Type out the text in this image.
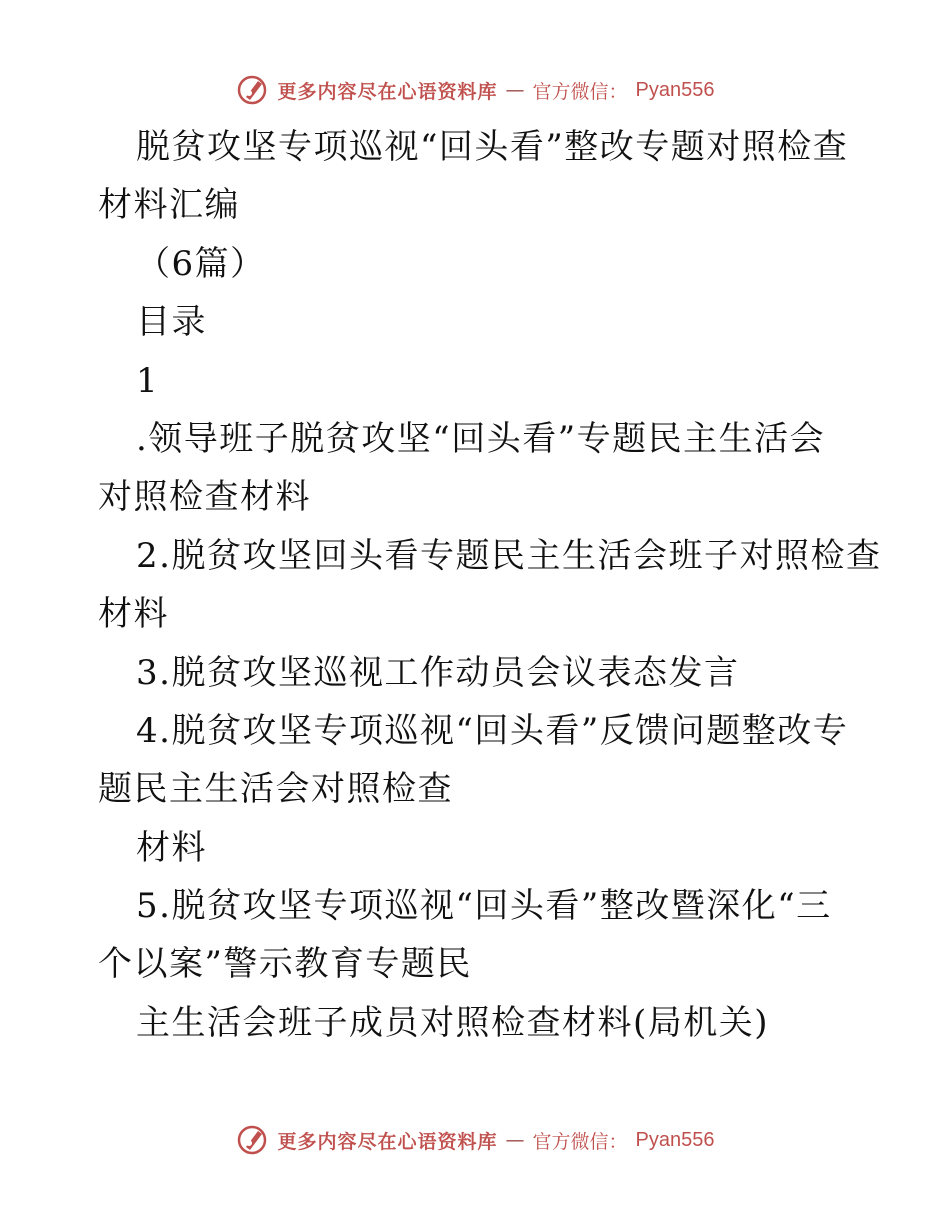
更多内容尽在心语资料库 — 官方微信： Pyan556
脱贫攻坚专项巡视“回头看”整改专题对照检查
材料汇编
（6篇）
目录
1
.领导班子脱贫攻坚“回头看”专题民主生活会
对照检查材料
2.脱贫攻坚回头看专题民主生活会班子对照检查
材料
3.脱贫攻坚巡视工作动员会议表态发言
4.脱贫攻坚专项巡视“回头看”反馈问题整改专
题民主生活会对照检查
材料
5.脱贫攻坚专项巡视“回头看”整改暨深化“三
个以案”警示教育专题民
主生活会班子成员对照检查材料(局机关)
更多内容尽在心语资料库 — 官方微信： Pyan556
